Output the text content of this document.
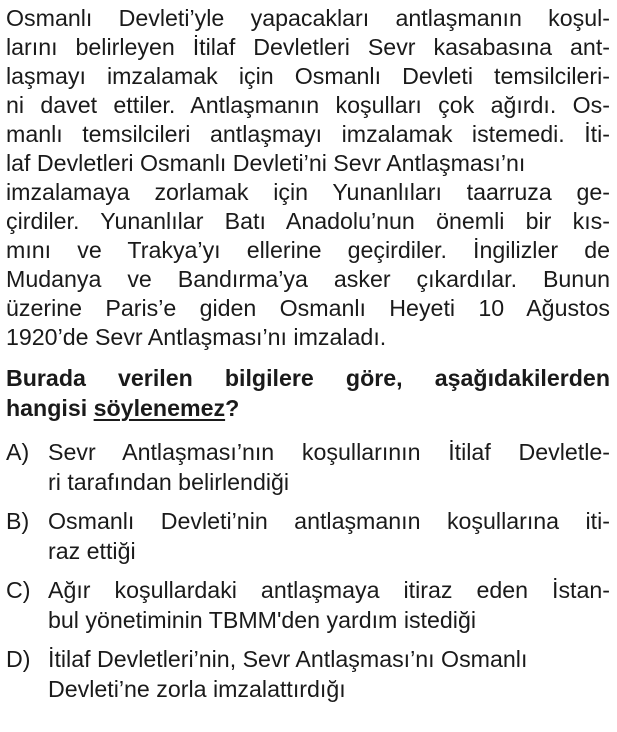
Osmanlı Devleti’yle yapacakları antlaşmanın koşul-
larını belirleyen İtilaf Devletleri Sevr kasabasına ant-
laşmayı imzalamak için Osmanlı Devleti temsilcileri-
ni davet ettiler. Antlaşmanın koşulları çok ağırdı. Os-
manlı temsilcileri antlaşmayı imzalamak istemedi. İti-
laf Devletleri Osmanlı Devleti’ni Sevr Antlaşması’nı
imzalamaya zorlamak için Yunanlıları taarruza ge-
çirdiler. Yunanlılar Batı Anadolu’nun önemli bir kıs-
mını ve Trakya’yı ellerine geçirdiler. İngilizler de
Mudanya ve Bandırma’ya asker çıkardılar. Bunun
üzerine Paris’e giden Osmanlı Heyeti 10 Ağustos
1920’de Sevr Antlaşması’nı imzaladı.
Burada verilen bilgilere göre, aşağıdakilerden
hangisi söylenemez?
A) Sevr Antlaşması’nın koşullarının İtilaf Devletle-
ri tarafından belirlendiği
B) Osmanlı Devleti’nin antlaşmanın koşullarına iti-
raz ettiği
C) Ağır koşullardaki antlaşmaya itiraz eden İstan-
bul yönetiminin TBMM'den yardım istediği
D) İtilaf Devletleri’nin, Sevr Antlaşması’nı Osmanlı
Devleti’ne zorla imzalattırdığı
